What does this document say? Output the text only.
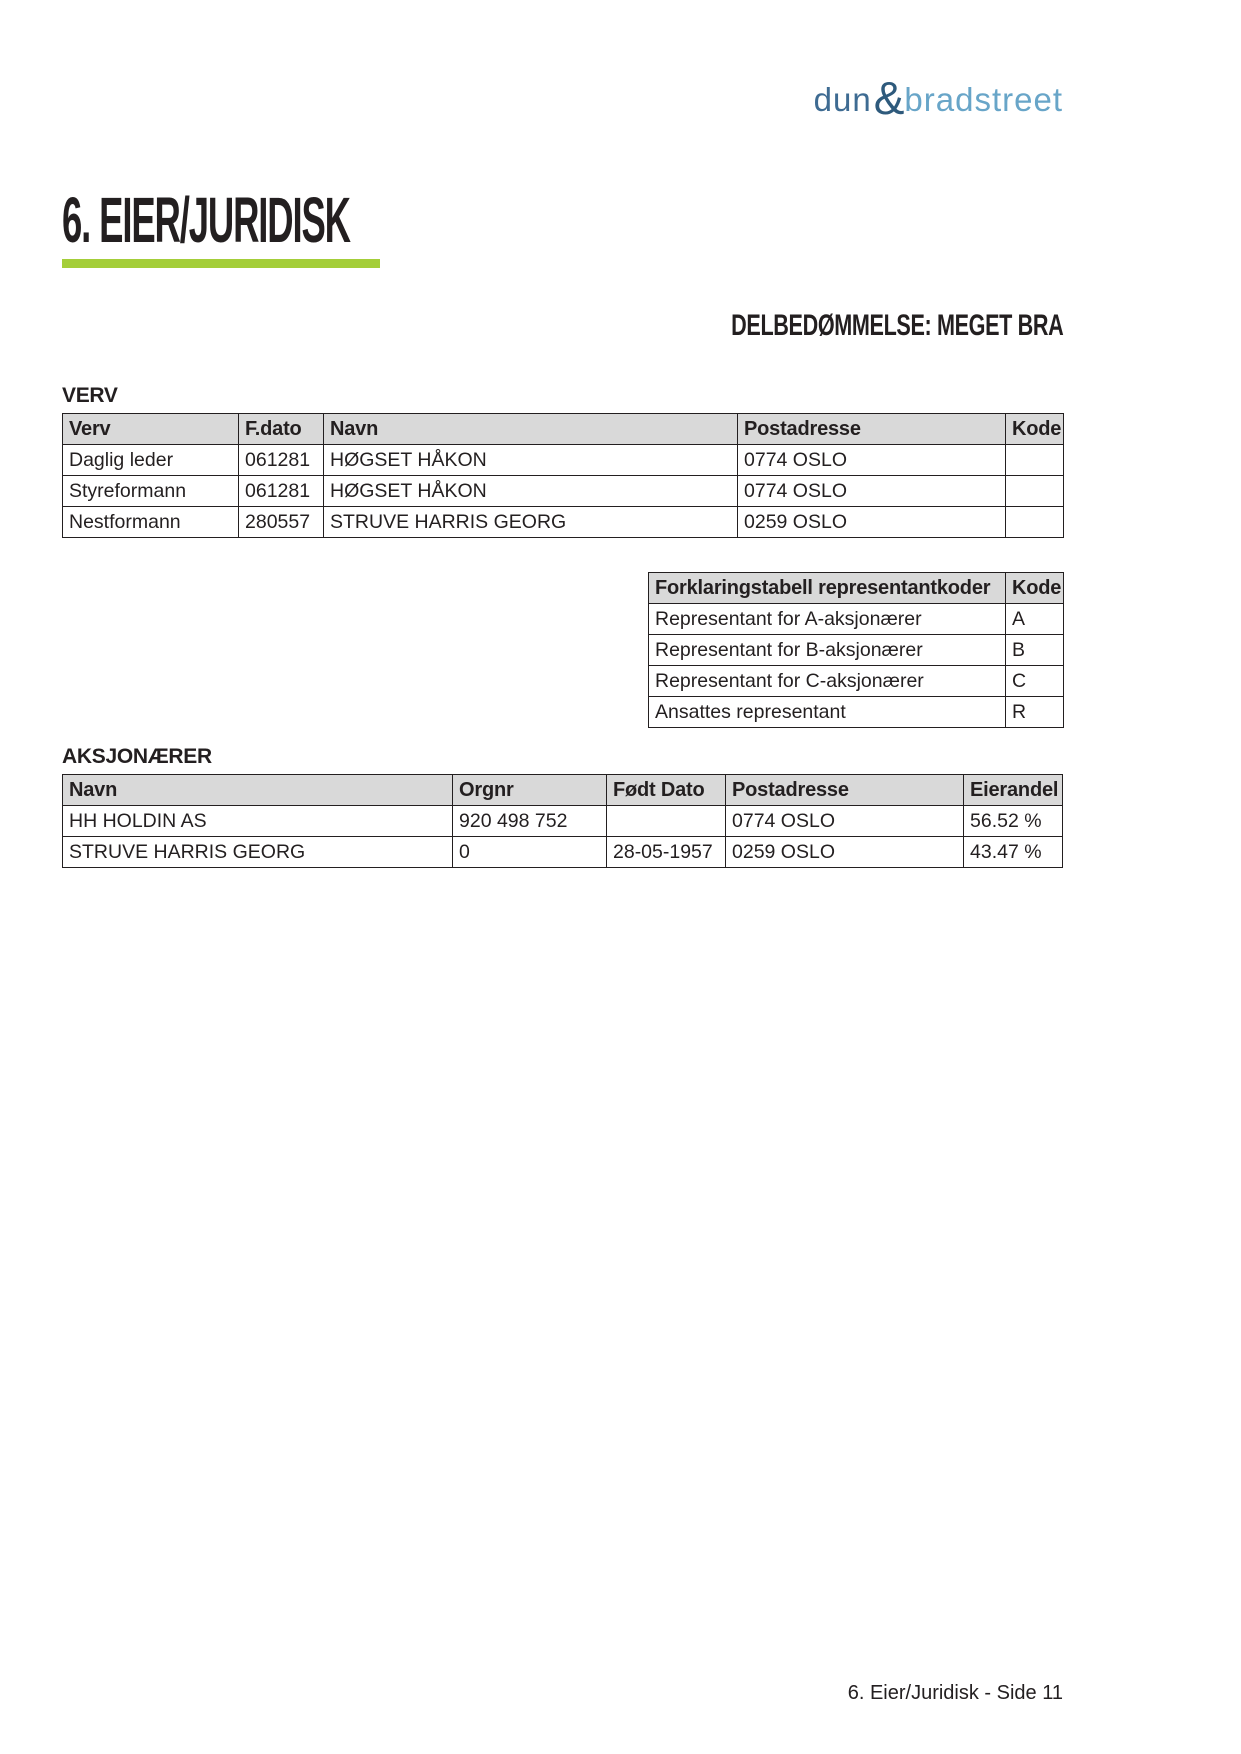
dun & bradstreet
6. EIER/JURIDISK
DELBEDØMMELSE: MEGET BRA
VERV
Verv	F.dato	Navn	Postadresse	Kode
Daglig leder	061281	HØGSET HÅKON	0774 OSLO	
Styreformann	061281	HØGSET HÅKON	0774 OSLO	
Nestformann	280557	STRUVE HARRIS GEORG	0259 OSLO	
Forklaringstabell representantkoder	Kode
Representant for A-aksjonærer	A
Representant for B-aksjonærer	B
Representant for C-aksjonærer	C
Ansattes representant	R
AKSJONÆRER
Navn	Orgnr	Født Dato	Postadresse	Eierandel
HH HOLDIN AS	920 498 752		0774 OSLO	56.52 %
STRUVE HARRIS GEORG	0	28-05-1957	0259 OSLO	43.47 %
6. Eier/Juridisk - Side 11
